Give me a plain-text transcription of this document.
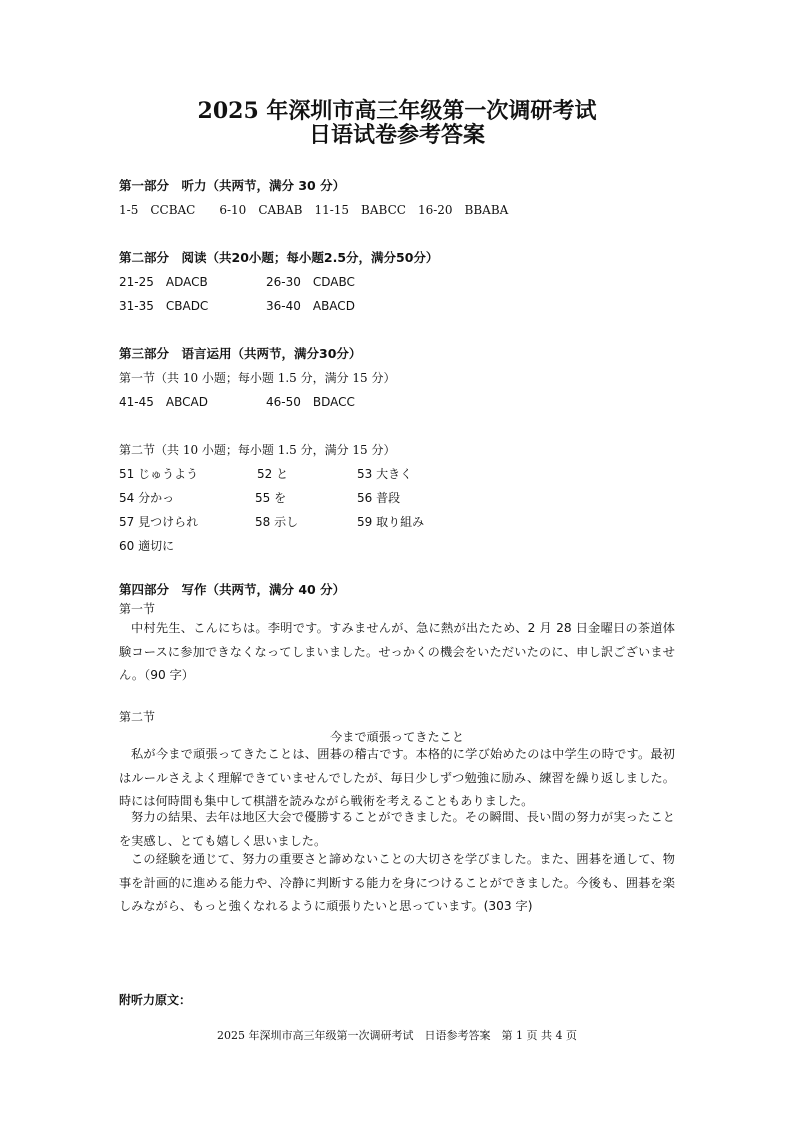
2025 年深圳市高三年级第一次调研考试
日语试卷参考答案
第一部分　听力（共两节，满分 30 分）
1-5　CCBAC　　6-10　CABAB　11-15　BABCC　16-20　BBABA
第二部分　阅读（共20小题；每小题2.5分，满分50分）
21-25　ADACB	26-30　CDABC
31-35　CBADC	36-40　ABACD
第三部分　语言运用（共两节，满分30分）
第一节（共 10 小题；每小题 1.5 分，满分 15 分）
41-45　ABCAD	46-50　BDACC
第二节（共 10 小题；每小题 1.5 分，满分 15 分）
51 じゅうよう	52 と	53 大きく
54 分かっ	55 を	56 普段
57 見つけられ	58 示し	59 取り組み
60 適切に
第四部分　写作（共两节，满分 40 分）
第一节
中村先生、こんにちは。李明です。すみませんが、急に熱が出たため、2 月 28 日金曜日の茶道体験コースに参加できなくなってしまいました。せっかくの機会をいただいたのに、申し訳ございません。（90 字）
第二节
今まで頑張ってきたこと
私が今まで頑張ってきたことは、囲碁の稽古です。本格的に学び始めたのは中学生の時です。最初はルールさえよく理解できていませんでしたが、毎日少しずつ勉強に励み、練習を繰り返しました。時には何時間も集中して棋譜を読みながら戦術を考えることもありました。
努力の結果、去年は地区大会で優勝することができました。その瞬間、長い間の努力が実ったことを実感し、とても嬉しく思いました。
この経験を通じて、努力の重要さと諦めないことの大切さを学びました。また、囲碁を通して、物事を計画的に進める能力や、冷静に判断する能力を身につけることができました。今後も、囲碁を楽しみながら、もっと強くなれるように頑張りたいと思っています。(303 字)
附听力原文：
2025 年深圳市高三年级第一次调研考试　日语参考答案　第 1 页 共 4 页
